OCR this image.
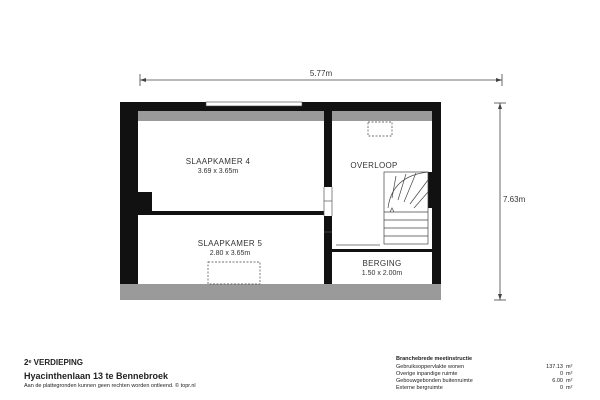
5.77m
7.63m
SLAAPKAMER 4
3.69 x 3.65m
OVERLOOP
SLAAPKAMER 5
2.80 x 3.65m
BERGING
1.50 x 2.00m

2ᵉ VERDIEPING

Hyacinthenlaan 13 te Bennebroek

Aan de plattegronden kunnen geen rechten worden ontleend. © topr.nl

Branchebrede meetinstructie
Gebruiksoppervlakte wonen	137.13 m²
Overige inpandige ruimte	0 m²
Gebouwgebonden buitenruimte	6.00 m²
Externe bergruimte	0 m²
